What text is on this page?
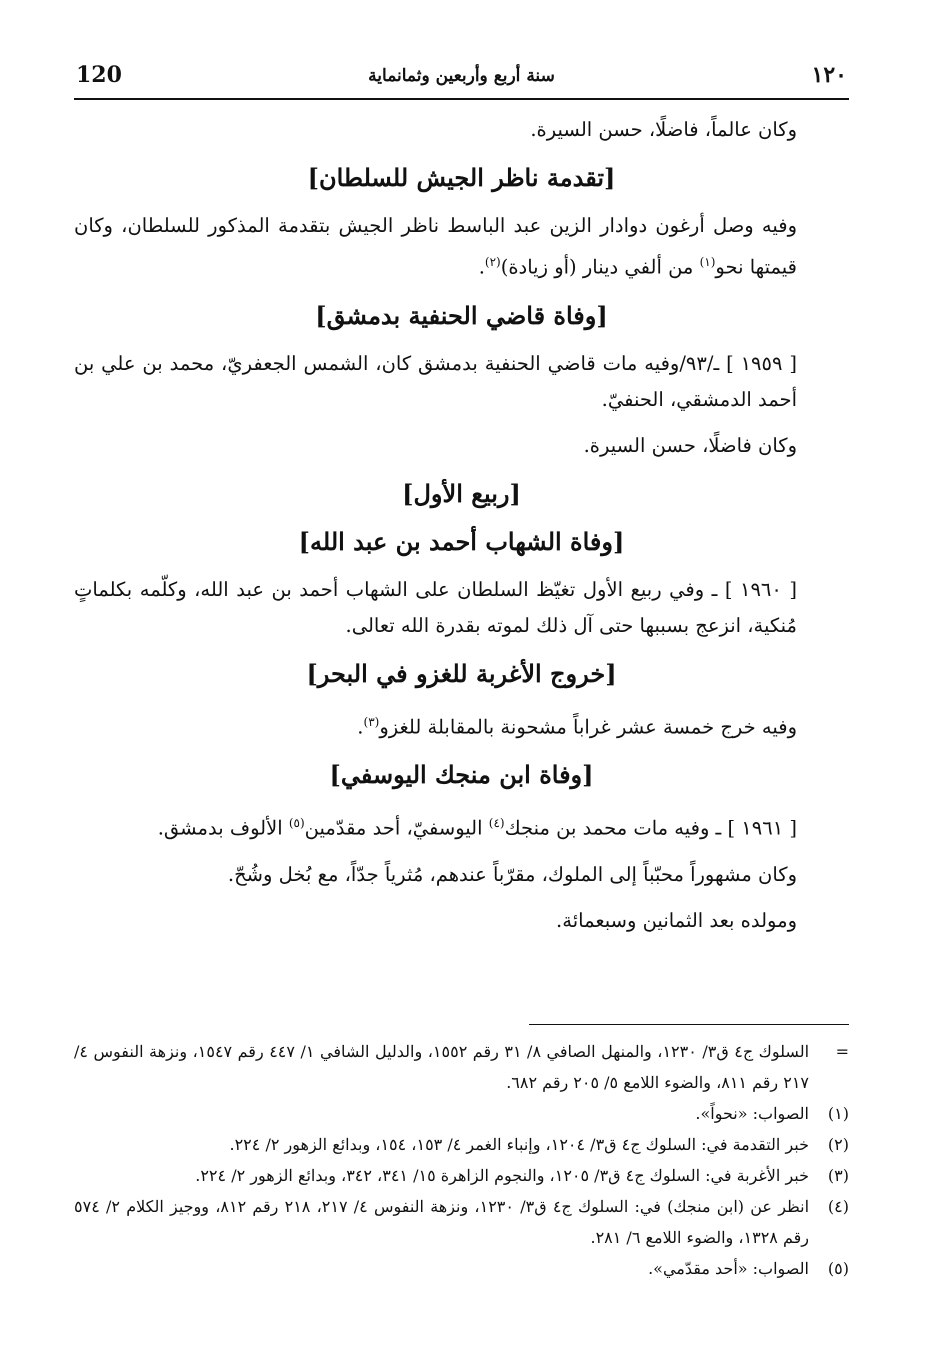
120	سنة أربع وأربعين وثمانماية	١٢٠

وكان عالماً، فاضلًا، حسن السيرة.

[تقدمة ناظر الجيش للسلطان]

وفيه وصل أرغون دوادار الزين عبد الباسط ناظر الجيش بتقدمة المذكور للسلطان، وكان قيمتها نحو$^{(١)}$ من ألفي دينار (أو زيادة)$^{(٢)}$.

[وفاة قاضي الحنفية بدمشق]

[ ١٩٥٩ ] ـ/٩٣/وفيه مات قاضي الحنفية بدمشق كان، الشمس الجعفريّ، محمد بن علي بن أحمد الدمشقي، الحنفيّ.

وكان فاضلًا، حسن السيرة.

[ربيع الأول]
[وفاة الشهاب أحمد بن عبد الله]

[ ١٩٦٠ ] ـ وفي ربيع الأول تغيّظ السلطان على الشهاب أحمد بن عبد الله، وكلّمه بكلماتٍ مُنكية، انزعج بسببها حتى آل ذلك لموته بقدرة الله تعالى.

[خروج الأغربة للغزو في البحر]

وفيه خرج خمسة عشر غراباً مشحونة بالمقابلة للغزو$^{(٣)}$.

[وفاة ابن منجك اليوسفي]

[ ١٩٦١ ] ـ وفيه مات محمد بن منجك$^{(٤)}$ اليوسفيّ، أحد مقدّمين$^{(٥)}$ الألوف بدمشق.

وكان مشهوراً محبّباً إلى الملوك، مقرّباً عندهم، مُثرياً جدّاً، مع بُخل وشُحّ.

ومولده بعد الثمانين وسبعمائة.

=
السلوك ج٤ ق٣/ ١٢٣٠، والمنهل الصافي ٨/ ٣١ رقم ١٥٥٢، والدليل الشافي ١/ ٤٤٧ رقم ١٥٤٧، ونزهة النفوس ٤/ ٢١٧ رقم ٨١١، والضوء اللامع ٥/ ٢٠٥ رقم ٦٨٢.
(١)
الصواب: «نحواً».
(٢)
خبر التقدمة في: السلوك ج٤ ق٣/ ١٢٠٤، وإنباء الغمر ٤/ ١٥٣، ١٥٤، وبدائع الزهور ٢/ ٢٢٤.
(٣)
خبر الأغربة في: السلوك ج٤ ق٣/ ١٢٠٥، والنجوم الزاهرة ١٥/ ٣٤١، ٣٤٢، وبدائع الزهور ٢/ ٢٢٤.
(٤)
انظر عن (ابن منجك) في: السلوك ج٤ ق٣/ ١٢٣٠، ونزهة النفوس ٤/ ٢١٧، ٢١٨ رقم ٨١٢، ووجيز الكلام ٢/ ٥٧٤ رقم ١٣٢٨، والضوء اللامع ٦/ ٢٨١.
(٥)
الصواب: «أحد مقدّمي».
